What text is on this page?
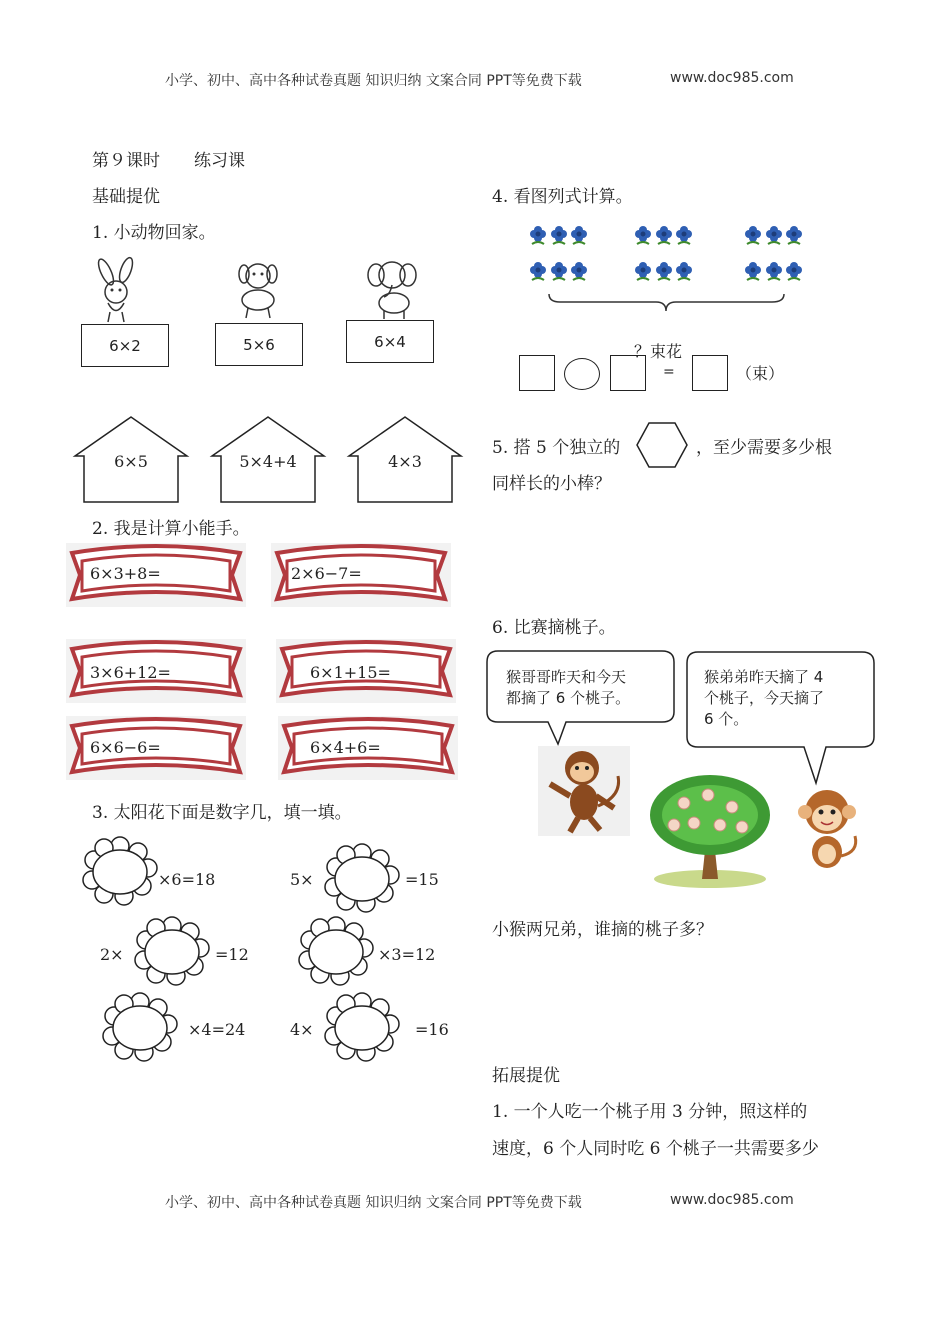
小学、初中、高中各种试卷真题 知识归纳 文案合同 PPT等免费下载	www.doc985.com
小学、初中、高中各种试卷真题 知识归纳 文案合同 PPT等免费下载	www.doc985.com
第９课时 练习课
基础提优
1. 小动物回家。
6×2	5×6	6×4
6×5	5×4+4	4×3
2. 我是计算小能手。
6×3+8=	2×6−7=
3×6+12=	6×1+15=
6×6−6=	6×4+6=
3. 太阳花下面是数字几，填一填。
×6=18	5×	=15
2×	=12	×3=12
×4=24	4×	=16
4. 看图列式计算。
？束花
=	（束）
5. 搭 5 个独立的	，至少需要多少根
同样长的小棒？
6. 比赛摘桃子。
猴哥哥昨天和今天
都摘了 6 个桃子。
猴弟弟昨天摘了 4
个桃子，今天摘了
6 个。
小猴两兄弟，谁摘的桃子多？
拓展提优
1. 一个人吃一个桃子用 3 分钟，照这样的
速度，6 个人同时吃 6 个桃子一共需要多少
